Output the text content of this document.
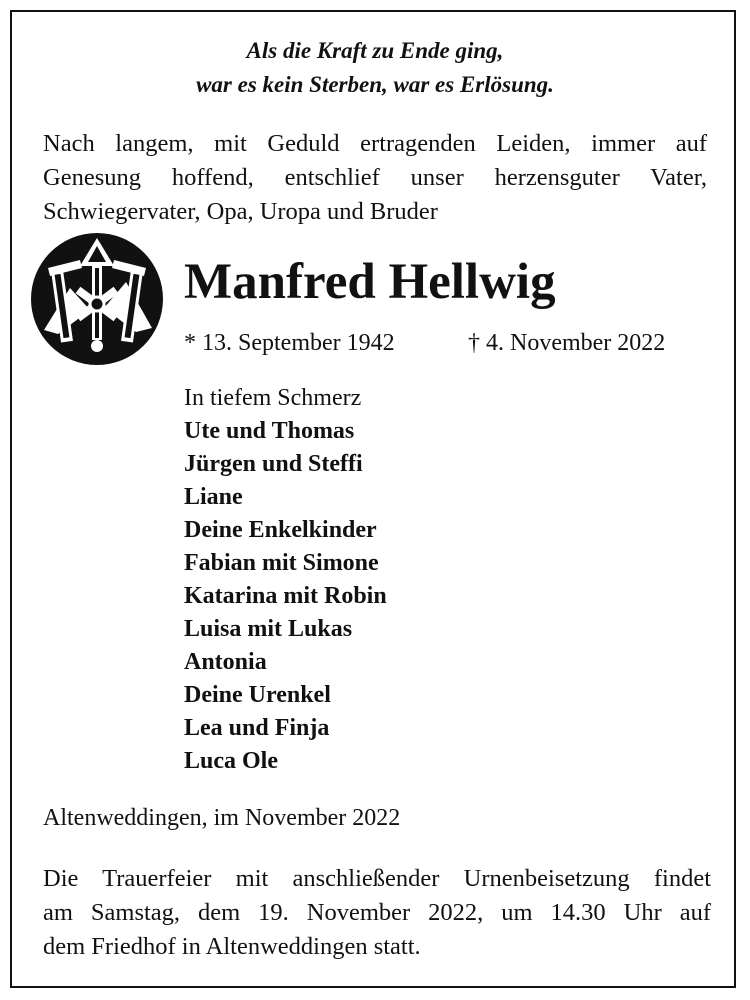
Als die Kraft zu Ende ging,
war es kein Sterben, war es Erlösung.
Nach langem, mit Geduld ertragenden Leiden, immer auf
Genesung hoffend, entschlief unser herzensguter Vater,
Schwiegervater, Opa, Uropa und Bruder
Manfred Hellwig
* 13. September 1942	† 4. November 2022
In tiefem Schmerz
Ute und Thomas
Jürgen und Steffi
Liane
Deine Enkelkinder
Fabian mit Simone
Katarina mit Robin
Luisa mit Lukas
Antonia
Deine Urenkel
Lea und Finja
Luca Ole
Altenweddingen, im November 2022
Die Trauerfeier mit anschließender Urnenbeisetzung findet
am Samstag, dem 19. November 2022, um 14.30 Uhr auf
dem Friedhof in Altenweddingen statt.
